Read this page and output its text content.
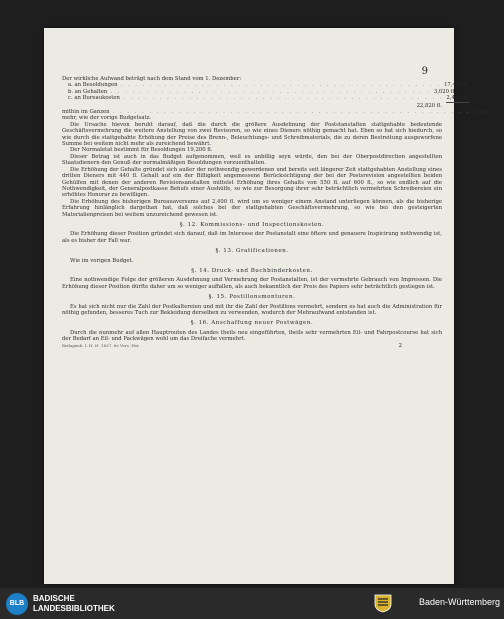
9
Der wirkliche Aufwand beträgt nach dem Stand vom 1. Dezember:
a. an Besoldungen . . . . . . . . . . . . . . . . . . . . . . . . . . . . . . . . . . . . . . . . . . . . 17,400 fl.
b. an Gehalten . . . . . . . . . . . . . . . . . . . . . . . . . . . . . . . . . . . . . . . . . . . . 3,020 fl.
c. an Bureaukosten . . . . . . . . . . . . . . . . . . . . . . . . . . . . . . . . . . . . . . . . . . . . 2,400 fl.
22,820 fl.
mithin im Ganzen . . . . . . . . . . . . . . . . . . . . . . . . . . . . . . . . . . . . . . . . . . . . . . . . . 2,680 fl.
mehr, wie der vorige Budgetsatz.

Die Ursache hievon beruht darauf, daß die durch die größere Ausdehnung der Poststanstalten stattgehabte bedeutende Geschäftsvermehrung die weitere Anstellung von zwei Revisoren, so wie eines Dieners nöthig gemacht hat. Eben so hat sich hiedurch, so wie durch die stattgehabte Erhöhung der Preise des Brenn-, Beleuchtungs- und Schreibmaterials, die zu deren Bestreitung ausgeworfene Summe bei weitem nicht mehr als zureichend bewährt.

Der Normaletat bestimmt für Besoldungen 19,200 fl.

Dieser Betrag ist auch in das Budget aufgenommen, weil es unbillig seyn würde, den bei der Oberpostdirection angestellten Staatsdienern den Genuß der normalmäßigen Besoldungen vorzuenthalten.

Die Erhöhung der Gehalte gründet sich außer der nothwendig gewordenen und bereits seit längerer Zeit stattgehabten Anstellung eines dritten Dieners mit 440 fl. Gehalt auf ein der Billigkeit angemessene Berücksichtigung der bei der Postsrevision angestellten beiden Gehülfen mit denen der anderen Revisionsanstalten mittelst Erhöhung ihres Gehalts von 550 fl. auf 600 fl., so wie endlich auf die Nothwendigkeit, der Generalpostkasse Behufs einer Aushülfe, so wie zur Besorgung ihrer sehr beträchtlich vermehrten Schreibereien ein erhöhtes Honorar zu bewilligen.

Die Erhöhung des bisherigen Bureauaversums auf 2,400 fl. wird um so weniger einem Anstand unterliegen können, als die bisherige Erfahrung hinlänglich dargethan hat, daß solches bei der stattgehabten Geschäftsvermehrung, so wie bei den gesteigerten Materialienpreisen bei weitem unzureichend gewesen ist.

§. 12. Kommissions- und Inspectionskosten.

Die Erhöhung dieser Position gründet sich darauf, daß im Interesse der Postanstalt eine öftere und genauere Inspicirung nothwendig ist, als es bisher der Fall war.

§. 13. Gratificationen.

Wie im vorigen Budget.

§. 14. Druck- und Buchbinderkosten.

Eine nothwendige Folge der größeren Ausdehnung und Vermehrung der Postanstalten, ist der vermehrte Gebrauch von Impressen. Die Erhöhung dieser Position dürfte daher um so weniger auffallen, als auch bekanntlich der Preis des Papiers sehr beträchtlich gestiegen ist.

§. 15. Postillonsmonturen.

Es hat sich nicht nur die Zahl der Postkaltereien und mit ihr die Zahl der Postillons vermehrt, sondern es hat auch die Administration für nöthig gefunden, besseres Tuch zur Bekleidung derselben zu verwenden, wodurch der Mehraufwand entstanden ist.

§. 16. Anschaffung neuer Postwägen.

Durch die nunmehr auf allen Hauptrouten des Landes theils neu eingeführten, theils sehr vermehrten Eil- und Fahrpostcourse hat sich der Bedarf an Eil- und Packwägen wohl um das Dreifache vermehrt.

Beilagenh. I. H. H. 1837. 6e Vers. Hst.	2
BLB
BADISCHE
LANDESBIBLIOTHEK
Baden-Württemberg
